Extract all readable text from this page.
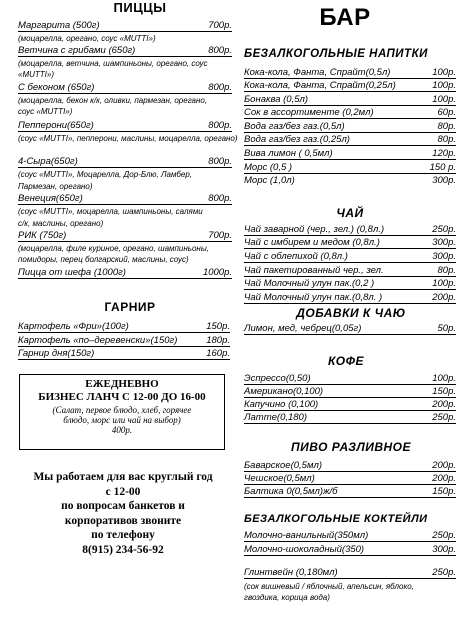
ПИЦЦЫ
Маргарита (500г)	700р.
(моцарелла, орегано, соус «MUTTI»)
Ветчина с грибами (650г)	800р.
(моцарелла, ветчина, шампиньоны, орегано, соус
«MUTTI»)
С беконом (650г)	800р.
(моцарелла, бекон к/к, оливки, пармезан, орегано,
соус «MUTTI»)
Пепперони(650г)	800р.
(соус «MUTTI», пепперони, маслины, моцарелла, орегано)
4-Сыра(650г)	800р.
(соус «MUTTI», Моцарелла, Дор-Блю, Ламбер,
Пармезан, орегано)
Венеция(650г)	800р.
(соус «MUTTI», моцарелла, шампиньоны, салями
с/к, маслины, орегано)
РИК (750г)	700р.
(моцарелла, филе куриное, орегано, шампиньоны,
помидоры, перец болгарский, маслины, соус)
Пицца от шефа (1000г)	1000р.
ГАРНИР
Картофель «Фри»(100г)	150р.
Картофель «по–деревенски»(150г)	180р.
Гарнир дня(150г)	160р.
ЕЖЕДНЕВНО
БИЗНЕС ЛАНЧ С 12-00 ДО 16-00
(Салат, первое блюдо, хлеб, горячее
блюдо, морс или чай на выбор)
400р.
Мы работаем для вас круглый год
с 12-00
по вопросам банкетов и
корпоративов звоните
по телефону
8(915) 234-56-92
БАР
БЕЗАЛКОГОЛЬНЫЕ НАПИТКИ
Кока-кола, Фанта, Спрайт(0,5л)	100р.
Кока-кола, Фанта, Спрайт(0,25л)	100р.
Бонаква (0,5л)	100р.
Сок в ассортименте (0,2мл)	60р.
Вода газ/без газ.(0,5л)	80р.
Вода газ/без газ.(0,25л)	80р.
Вива лимон ( 0,5мл)	120р.
Морс (0,5 )	150 р.
Морс (1,0л)	300р.
ЧАЙ
Чай заварной (чер., зел.) (0,8л.)	250р.
Чай с имбирем и медом (0,8л.)	300р.
Чай с облепихой (0,8л.)	300р.
Чай пакетированный чер., зел.	80р.
Чай Молочный улун пак.(0,2 )	100р.
Чай Молочный улун пак.(0,8л. )	200р.
ДОБАВКИ К ЧАЮ
Лимон, мед, чебрец(0,05г)	50р.
КОФЕ
Эспрессо(0,50)	100р.
Американо(0,100)	150р.
Капучино (0,100)	200р.
Латте(0,180)	250р.
ПИВО РАЗЛИВНОЕ
Баварское(0,5мл)	200р.
Чешское(0,5мл)	200р.
Балтика 0(0,5мл)ж/б	150р.
БЕЗАЛКОГОЛЬНЫЕ КОКТЕЙЛИ
Молочно-ванильный(350мл)	250р.
Молочно-шоколадный(350)	300р.
Глинтвейн (0,180мл)	250р.
(сок вишневый / яблочный, апельсин, яблоко,
гвоздика, корица вода)
